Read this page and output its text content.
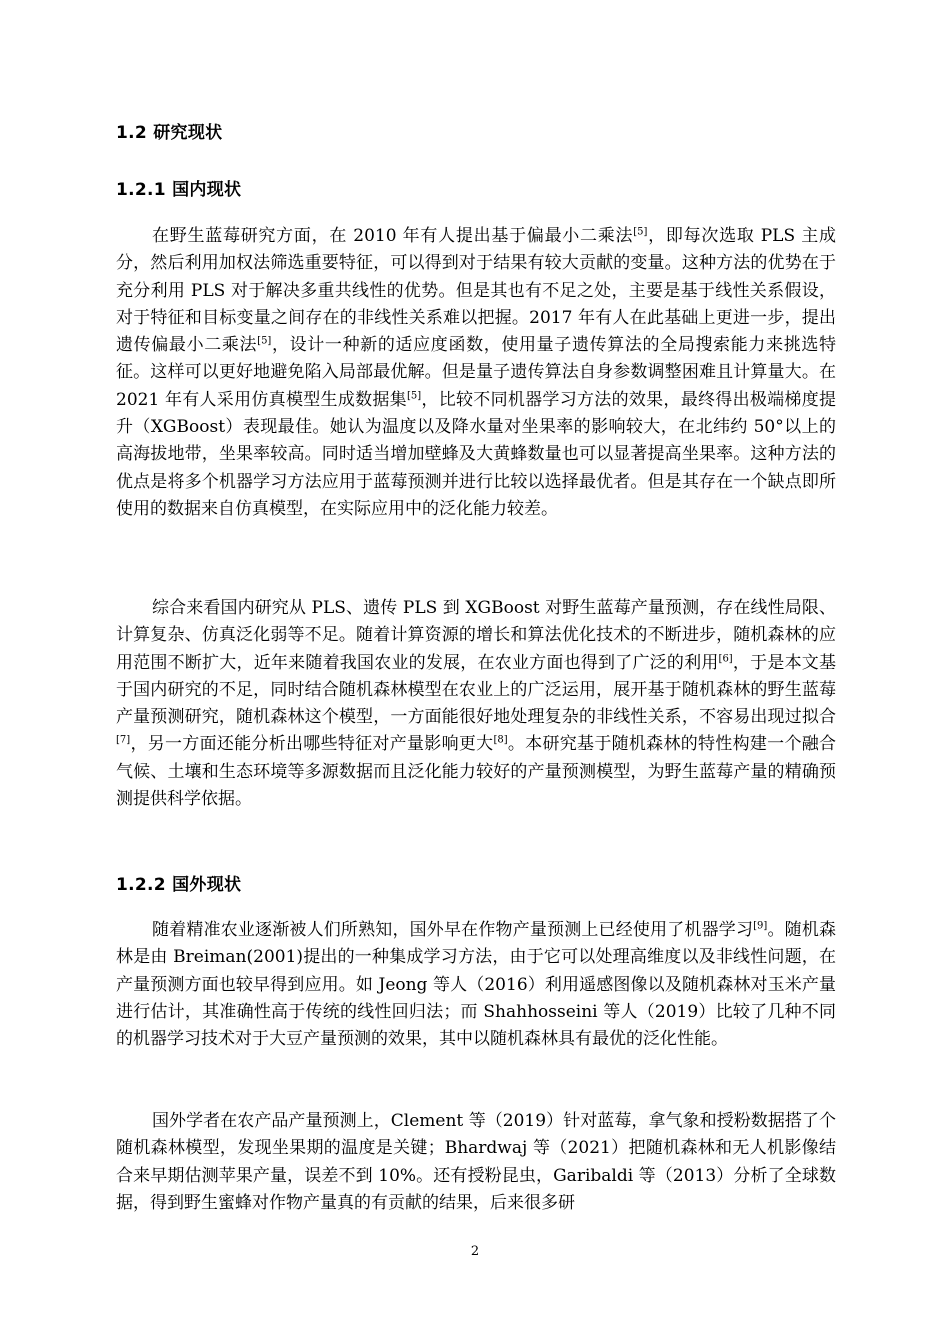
1.2 研究现状
1.2.1 国内现状

在野生蓝莓研究方面，在 2010 年有人提出基于偏最小二乘法[5]，即每次选取 PLS 主成分，然后利用加权法筛选重要特征，可以得到对于结果有较大贡献的变量。这种方法的优势在于充分利用 PLS 对于解决多重共线性的优势。但是其也有不足之处，主要是基于线性关系假设，对于特征和目标变量之间存在的非线性关系难以把握。2017 年有人在此基础上更进一步，提出遗传偏最小二乘法[5]，设计一种新的适应度函数，使用量子遗传算法的全局搜索能力来挑选特征。这样可以更好地避免陷入局部最优解。但是量子遗传算法自身参数调整困难且计算量大。在 2021 年有人采用仿真模型生成数据集[5]，比较不同机器学习方法的效果，最终得出极端梯度提升（XGBoost）表现最佳。她认为温度以及降水量对坐果率的影响较大，在北纬约 50°以上的高海拔地带，坐果率较高。同时适当增加壁蜂及大黄蜂数量也可以显著提高坐果率。这种方法的优点是将多个机器学习方法应用于蓝莓预测并进行比较以选择最优者。但是其存在一个缺点即所使用的数据来自仿真模型，在实际应用中的泛化能力较差。

综合来看国内研究从 PLS、遗传 PLS 到 XGBoost 对野生蓝莓产量预测，存在线性局限、计算复杂、仿真泛化弱等不足。随着计算资源的增长和算法优化技术的不断进步，随机森林的应用范围不断扩大，近年来随着我国农业的发展，在农业方面也得到了广泛的利用[6]，于是本文基于国内研究的不足，同时结合随机森林模型在农业上的广泛运用，展开基于随机森林的野生蓝莓产量预测研究，随机森林这个模型，一方面能很好地处理复杂的非线性关系，不容易出现过拟合[7]，另一方面还能分析出哪些特征对产量影响更大[8]。本研究基于随机森林的特性构建一个融合气候、土壤和生态环境等多源数据而且泛化能力较好的产量预测模型，为野生蓝莓产量的精确预测提供科学依据。

1.2.2 国外现状

随着精准农业逐渐被人们所熟知，国外早在作物产量预测上已经使用了机器学习[9]。随机森林是由 Breiman(2001)提出的一种集成学习方法，由于它可以处理高维度以及非线性问题，在产量预测方面也较早得到应用。如 Jeong 等人（2016）利用遥感图像以及随机森林对玉米产量进行估计，其准确性高于传统的线性回归法；而 Shahhosseini 等人（2019）比较了几种不同的机器学习技术对于大豆产量预测的效果，其中以随机森林具有最优的泛化性能。

国外学者在农产品产量预测上，Clement 等（2019）针对蓝莓，拿气象和授粉数据搭了个随机森林模型，发现坐果期的温度是关键；Bhardwaj 等（2021）把随机森林和无人机影像结合来早期估测苹果产量，误差不到 10%。还有授粉昆虫，Garibaldi 等（2013）分析了全球数据，得到野生蜜蜂对作物产量真的有贡献的结果，后来很多研

2
